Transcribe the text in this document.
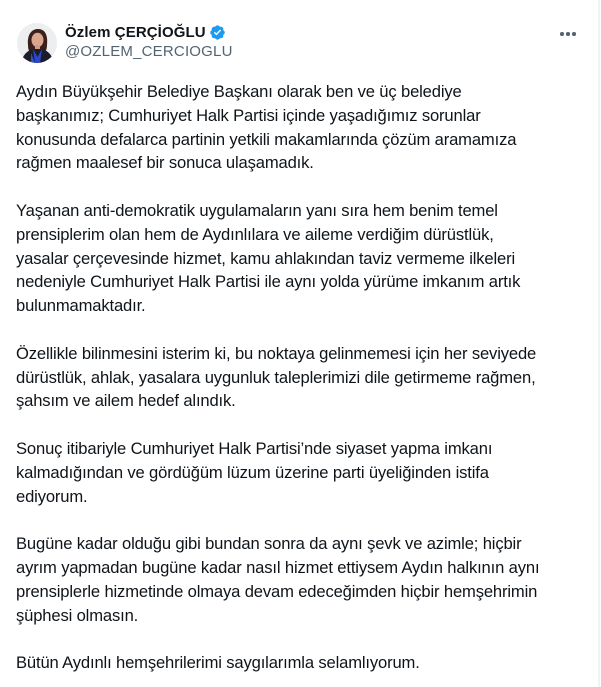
Özlem ÇERÇİOĞLU
@OZLEM_CERCIOGLU

Aydın Büyükşehir Belediye Başkanı olarak ben ve üç belediye
başkanımız; Cumhuriyet Halk Partisi içinde yaşadığımız sorunlar
konusunda defalarca partinin yetkili makamlarında çözüm aramamıza
rağmen maalesef bir sonuca ulaşamadık.

Yaşanan anti-demokratik uygulamaların yanı sıra hem benim temel
prensiplerim olan hem de Aydınlılara ve aileme verdiğim dürüstlük,
yasalar çerçevesinde hizmet, kamu ahlakından taviz vermeme ilkeleri
nedeniyle Cumhuriyet Halk Partisi ile aynı yolda yürüme imkanım artık
bulunmamaktadır.

Özellikle bilinmesini isterim ki, bu noktaya gelinmemesi için her seviyede
dürüstlük, ahlak, yasalara uygunluk taleplerimizi dile getirmeme rağmen,
şahsım ve ailem hedef alındık.

Sonuç itibariyle Cumhuriyet Halk Partisi’nde siyaset yapma imkanı
kalmadığından ve gördüğüm lüzum üzerine parti üyeliğinden istifa
ediyorum.

Bugüne kadar olduğu gibi bundan sonra da aynı şevk ve azimle; hiçbir
ayrım yapmadan bugüne kadar nasıl hizmet ettiysem Aydın halkının aynı
prensiplerle hizmetinde olmaya devam edeceğimden hiçbir hemşehrimin
şüphesi olmasın.

Bütün Aydınlı hemşehrilerimi saygılarımla selamlıyorum.
